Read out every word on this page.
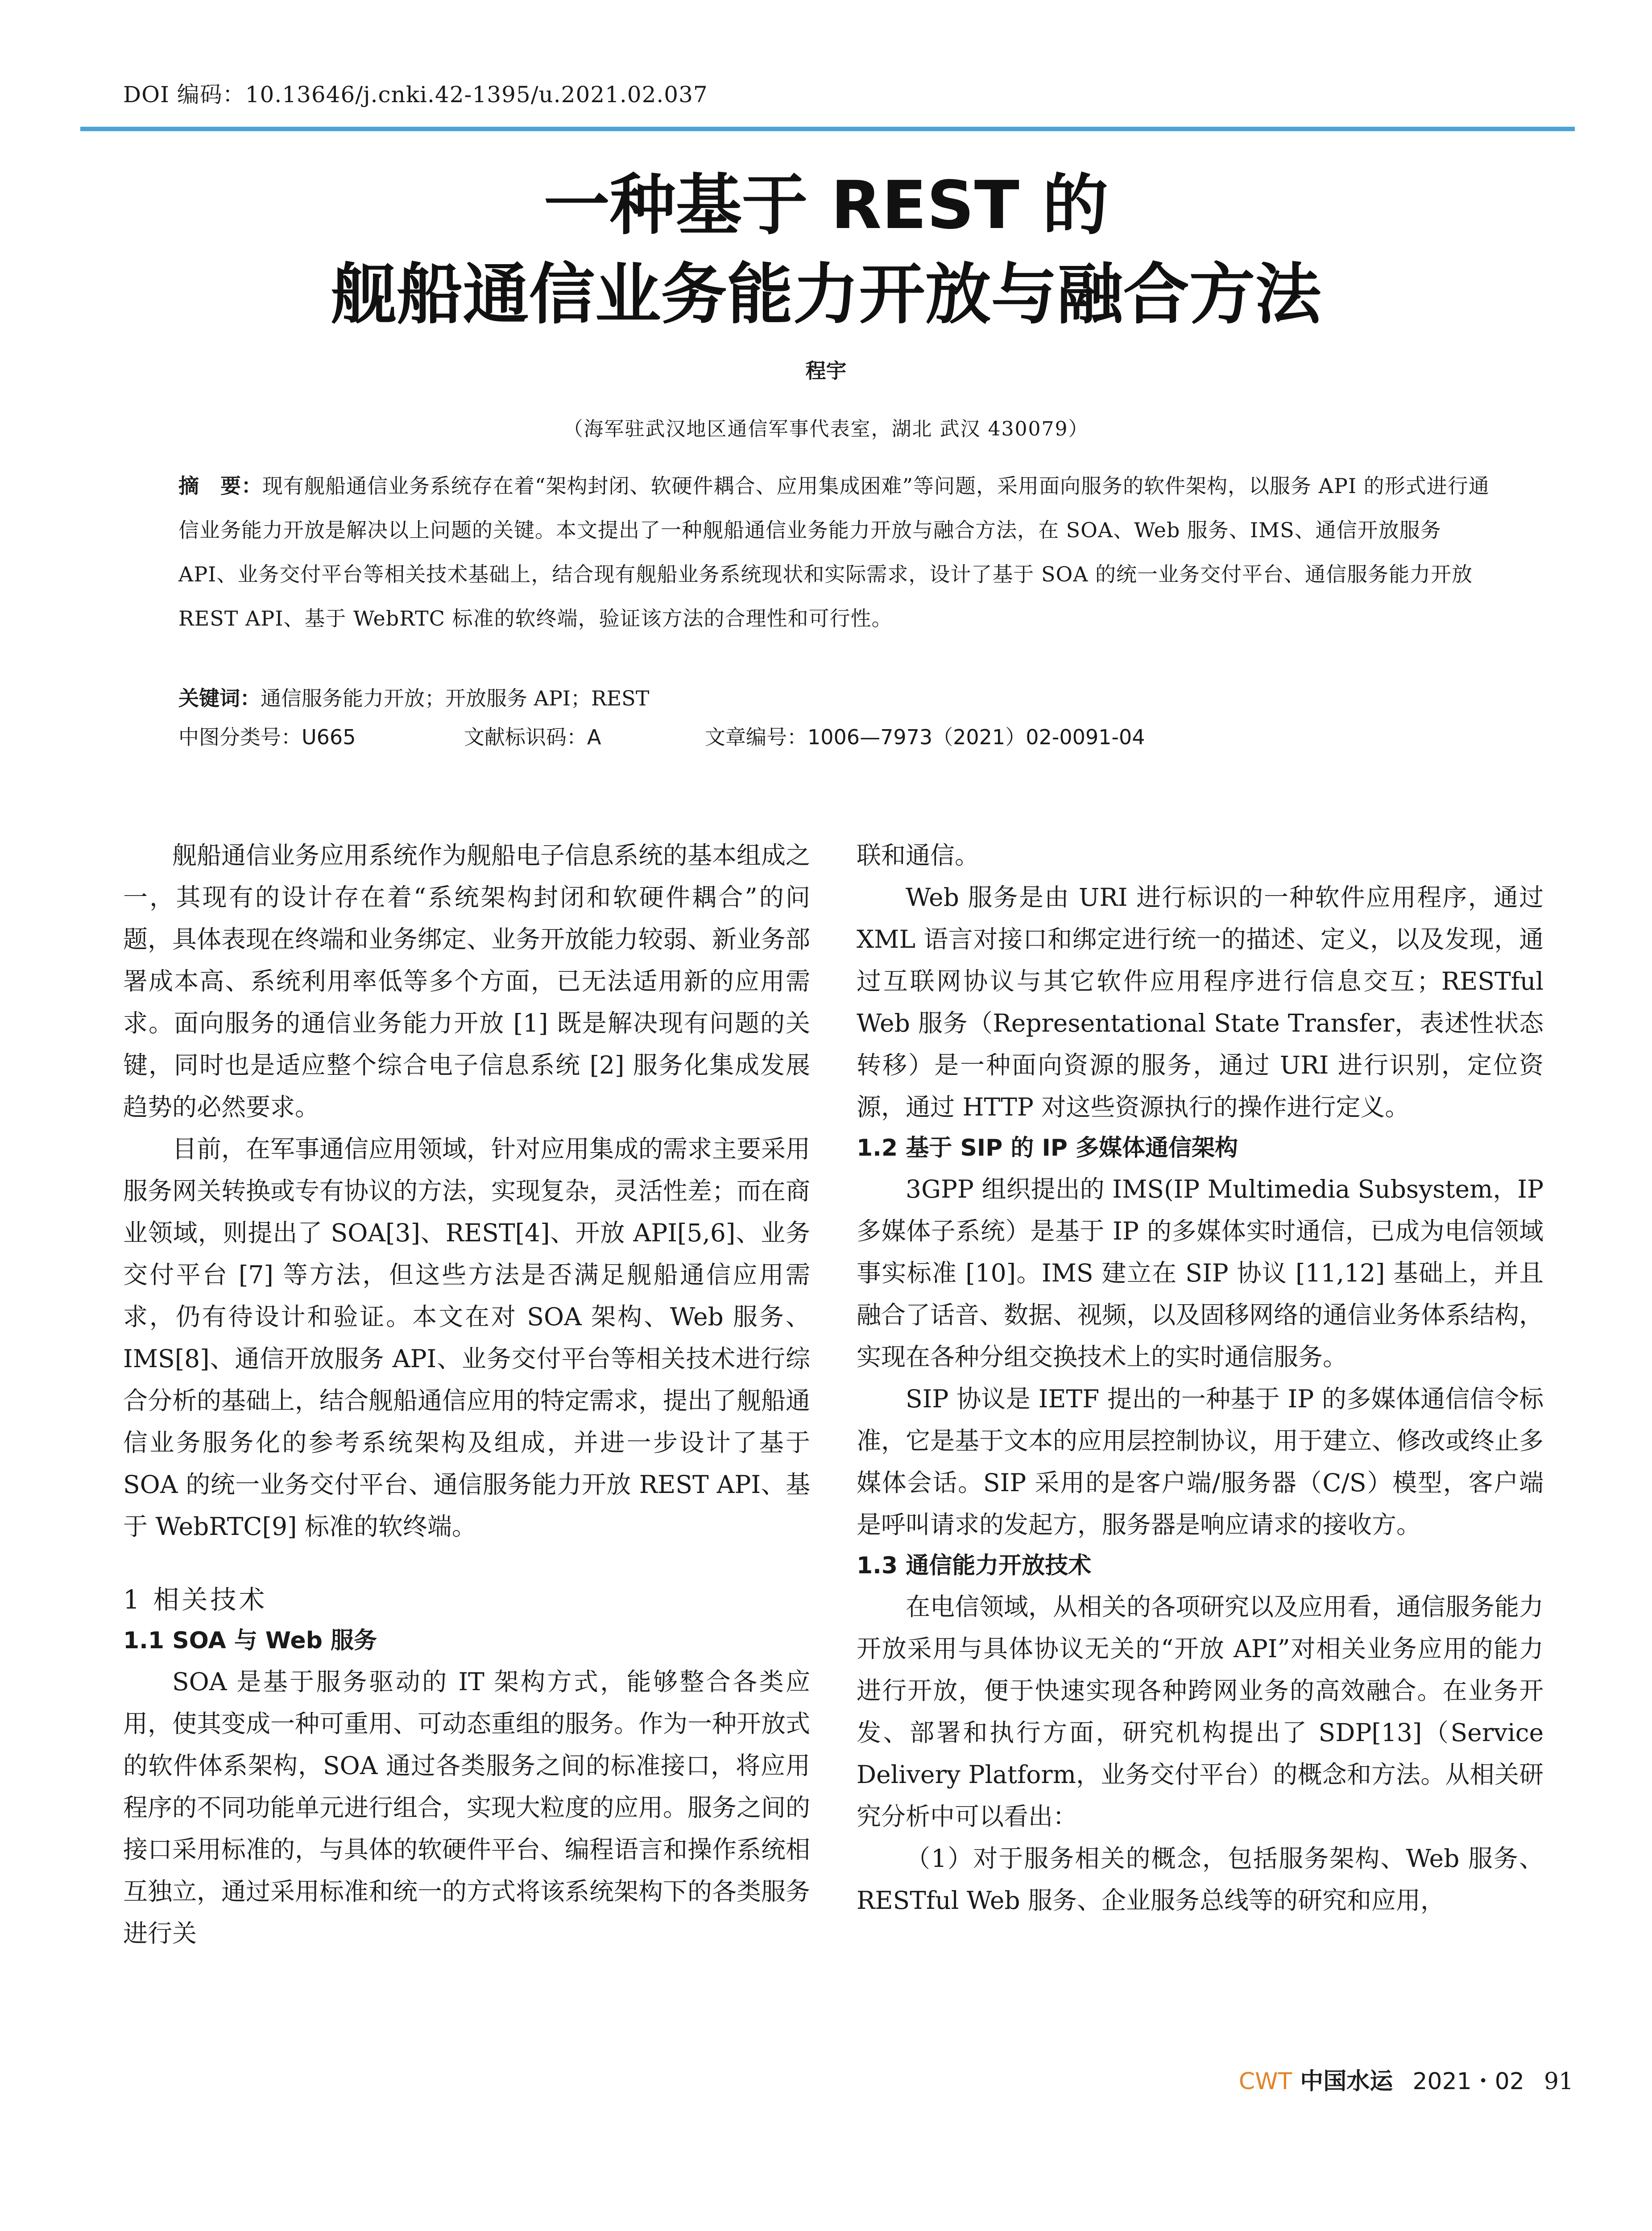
DOI 编码：10.13646/j.cnki.42-1395/u.2021.02.037
一种基于 REST 的
舰船通信业务能力开放与融合方法
程宇
（海军驻武汉地区通信军事代表室，湖北 武汉 430079）
摘　要：现有舰船通信业务系统存在着“架构封闭、软硬件耦合、应用集成困难”等问题，采用面向服务的软件架构，以服务 API 的形式进行通信业务能力开放是解决以上问题的关键。本文提出了一种舰船通信业务能力开放与融合方法，在 SOA、Web 服务、IMS、通信开放服务 API、业务交付平台等相关技术基础上，结合现有舰船业务系统现状和实际需求，设计了基于 SOA 的统一业务交付平台、通信服务能力开放 REST API、基于 WebRTC 标准的软终端，验证该方法的合理性和可行性。
关键词：通信服务能力开放；开放服务 API；REST
中图分类号：U665	文献标识码：A	文章编号：1006—7973（2021）02-0091-04

舰船通信业务应用系统作为舰船电子信息系统的基本组成之一，其现有的设计存在着“系统架构封闭和软硬件耦合”的问题，具体表现在终端和业务绑定、业务开放能力较弱、新业务部署成本高、系统利用率低等多个方面，已无法适用新的应用需求。面向服务的通信业务能力开放 [1] 既是解决现有问题的关键，同时也是适应整个综合电子信息系统 [2] 服务化集成发展趋势的必然要求。

目前，在军事通信应用领域，针对应用集成的需求主要采用服务网关转换或专有协议的方法，实现复杂，灵活性差；而在商业领域，则提出了 SOA[3]、REST[4]、开放 API[5,6]、业务交付平台 [7] 等方法，但这些方法是否满足舰船通信应用需求，仍有待设计和验证。本文在对 SOA 架构、Web 服务、IMS[8]、通信开放服务 API、业务交付平台等相关技术进行综合分析的基础上，结合舰船通信应用的特定需求，提出了舰船通信业务服务化的参考系统架构及组成，并进一步设计了基于 SOA 的统一业务交付平台、通信服务能力开放 REST API、基于 WebRTC[9] 标准的软终端。

1 相关技术
1.1 SOA 与 Web 服务

SOA 是基于服务驱动的 IT 架构方式，能够整合各类应用，使其变成一种可重用、可动态重组的服务。作为一种开放式的软件体系架构，SOA 通过各类服务之间的标准接口，将应用程序的不同功能单元进行组合，实现大粒度的应用。服务之间的接口采用标准的，与具体的软硬件平台、编程语言和操作系统相互独立，通过采用标准和统一的方式将该系统架构下的各类服务进行关

联和通信。

Web 服务是由 URI 进行标识的一种软件应用程序，通过 XML 语言对接口和绑定进行统一的描述、定义，以及发现，通过互联网协议与其它软件应用程序进行信息交互；RESTful Web 服务（Representational State Transfer，表述性状态转移）是一种面向资源的服务，通过 URI 进行识别，定位资源，通过 HTTP 对这些资源执行的操作进行定义。

1.2 基于 SIP 的 IP 多媒体通信架构

3GPP 组织提出的 IMS(IP Multimedia Subsystem，IP 多媒体子系统）是基于 IP 的多媒体实时通信，已成为电信领域事实标准 [10]。IMS 建立在 SIP 协议 [11,12] 基础上，并且融合了话音、数据、视频，以及固移网络的通信业务体系结构，实现在各种分组交换技术上的实时通信服务。

SIP 协议是 IETF 提出的一种基于 IP 的多媒体通信信令标准，它是基于文本的应用层控制协议，用于建立、修改或终止多媒体会话。SIP 采用的是客户端/服务器（C/S）模型，客户端是呼叫请求的发起方，服务器是响应请求的接收方。

1.3 通信能力开放技术

在电信领域，从相关的各项研究以及应用看，通信服务能力开放采用与具体协议无关的“开放 API”对相关业务应用的能力进行开放，便于快速实现各种跨网业务的高效融合。在业务开发、部署和执行方面，研究机构提出了 SDP[13]（Service Delivery Platform，业务交付平台）的概念和方法。从相关研究分析中可以看出：

（1）对于服务相关的概念，包括服务架构、Web 服务、RESTful Web 服务、企业服务总线等的研究和应用，

CWT 中国水运 2021・02 91
